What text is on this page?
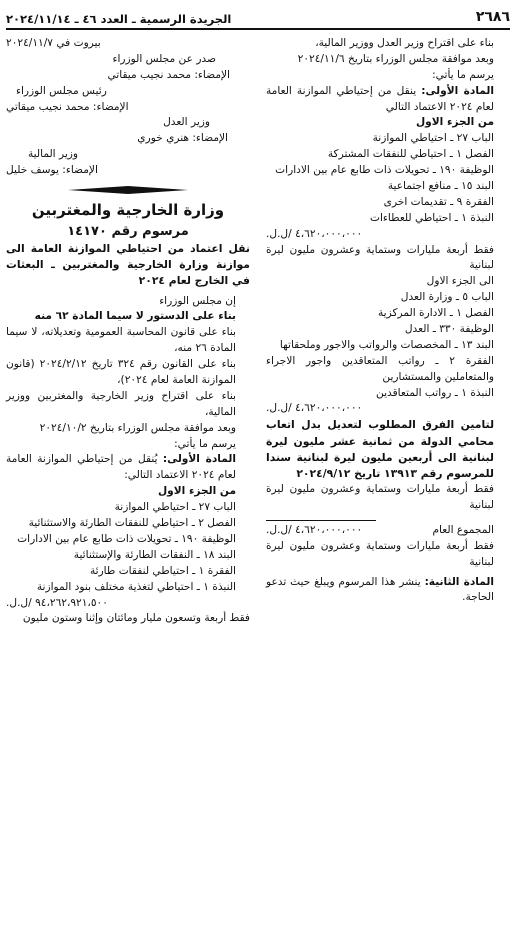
٢٦٨٦
الجريدة الرسمية ـ العدد ٤٦ ـ ٢٠٢٤/١١/١٤
بناء على اقتراح وزير العدل ووزير المالية،
وبعد موافقة مجلس الوزراء بتاريخ ٢٠٢٤/١١/٦
يرسم ما يأتي:
المادة الأولى: ينقل من إحتياطي الموازنة العامة لعام ٢٠٢٤ الاعتماد التالي
من الجزء الاول
الباب ٢٧ ـ احتياطي الموازنة
الفصل ١ ـ احتياطي للنفقات المشتركة
الوظيفة ١٩٠ ـ تحويلات ذات طابع عام بين الادارات
البند ١٥ ـ منافع اجتماعية
الفقرة ٩ ـ تقديمات اخرى
النبذة ١ ـ احتياطي للعطاءات
٤،٦٢٠،٠٠٠،٠٠٠ /ل.ل.
فقط أربعة مليارات وستماية وعشرون مليون ليرة لبنانية
الى الجزء الاول
الباب ٥ ـ وزارة العدل
الفصل ١ ـ الادارة المركزية
الوظيفة ٣٣٠ ـ العدل
البند ١٣ ـ المخصصات والرواتب والاجور وملحقاتها
الفقرة ٢ ـ رواتب المتعاقدين واجور الاجراء والمتعاملين والمستشارين
النبذة ١ ـ رواتب المتعاقدين
٤،٦٢٠،٠٠٠،٠٠٠ /ل.ل.
لتامين الفرق المطلوب لتعديل بدل اتعاب محامي الدولة من ثمانية عشر مليون ليرة لبنانية الى أربعين مليون ليرة لبنانية سندا للمرسوم رقم ١٣٩١٣ تاريخ ٢٠٢٤/٩/١٢
فقط أربعة مليارات وستماية وعشرون مليون ليرة لبنانية
المجموع العام
٤،٦٢٠،٠٠٠،٠٠٠ /ل.ل.
فقط أربعة مليارات وستماية وعشرون مليون ليرة لبنانية
المادة الثانية: ينشر هذا المرسوم ويبلغ حيث تدعو الحاجة.
بيروت في ٢٠٢٤/١١/٧
صدر عن مجلس الوزراء
الإمضاء: محمد نجيب ميقاتي
رئيس مجلس الوزراء
الإمضاء: محمد نجيب ميقاتي
وزير العدل
الإمضاء: هنري خوري
وزير المالية
الإمضاء: يوسف خليل
وزارة الخارجية والمغتربين
مرسوم رقم ١٤١٧٠
نقل اعتماد من احتياطي الموازنة العامة الى موازنة وزارة الخارجية والمغتربين ـ البعثات في الخارج لعام ٢٠٢٤
إن مجلس الوزراء
بناء على الدستور لا سيما المادة ٦٢ منه
بناء على قانون المحاسبة العمومية وتعديلاته، لا سيما المادة ٢٦ منه،
بناء على القانون رقم ٣٢٤ تاريخ ٢٠٢٤/٢/١٢ (قانون الموازنة العامة لعام ٢٠٢٤)،
بناء على اقتراح وزير الخارجية والمغتربين ووزير المالية،
وبعد موافقة مجلس الوزراء بتاريخ ٢٠٢٤/١٠/٢
يرسم ما يأتي:
المادة الأولى: يُنقل من إحتياطي الموازنة العامة لعام ٢٠٢٤ الاعتماد التالي:
من الجزء الاول
الباب ٢٧ ـ احتياطي الموازنة
الفصل ٢ ـ احتياطي للنفقات الطارئة والاستثنائية
الوظيفة ١٩٠ ـ تحويلات ذات طابع عام بين الادارات
البند ١٨ ـ النفقات الطارئة والإستثنائية
الفقرة ١ ـ احتياطي لنفقات طارئة
النبذة ١ ـ احتياطي لتغذية مختلف بنود الموازنة
٩٤،٢٦٢،٩٢١،٥٠٠ /ل.ل.
فقط أربعة وتسعون مليار ومائتان وإثنا وستون مليون
